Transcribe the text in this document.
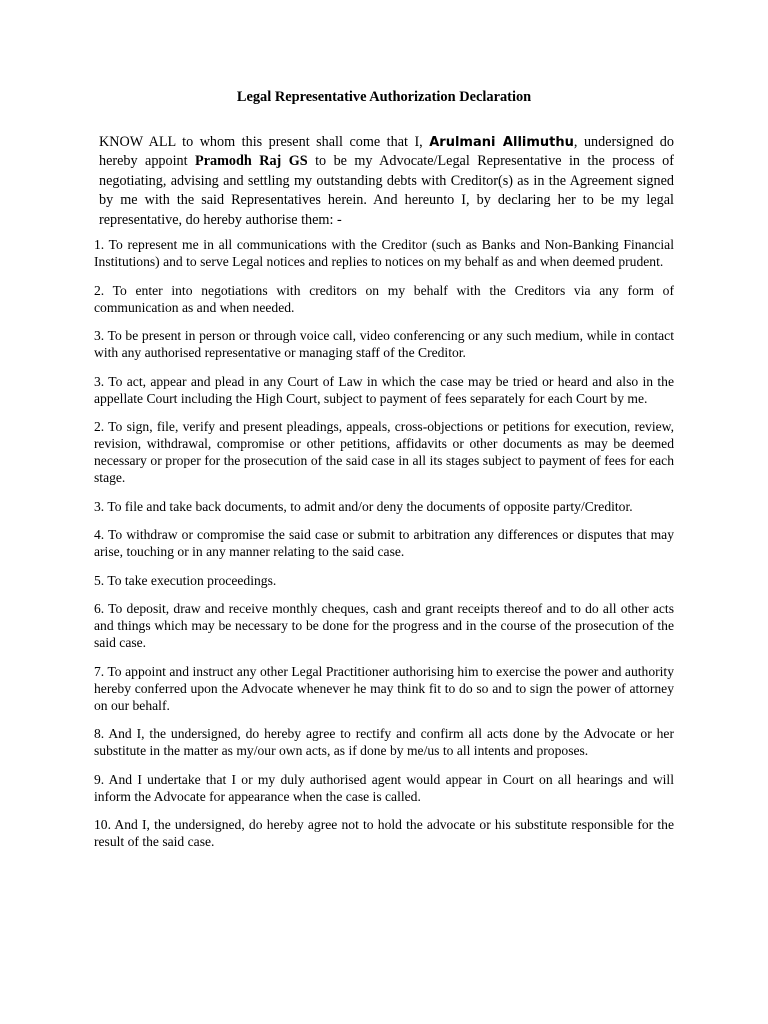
Legal Representative Authorization Declaration
KNOW ALL to whom this present shall come that I, Arulmani Allimuthu, undersigned do hereby appoint Pramodh Raj GS to be my Advocate/Legal Representative in the process of negotiating, advising and settling my outstanding debts with Creditor(s) as in the Agreement signed by me with the said Representatives herein. And hereunto I, by declaring her to be my legal representative, do hereby authorise them: -

1. To represent me in all communications with the Creditor (such as Banks and Non-Banking Financial Institutions) and to serve Legal notices and replies to notices on my behalf as and when deemed prudent.

2. To enter into negotiations with creditors on my behalf with the Creditors via any form of communication as and when needed.

3. To be present in person or through voice call, video conferencing or any such medium, while in contact with any authorised representative or managing staff of the Creditor.

3. To act, appear and plead in any Court of Law in which the case may be tried or heard and also in the appellate Court including the High Court, subject to payment of fees separately for each Court by me.

2. To sign, file, verify and present pleadings, appeals, cross-objections or petitions for execution, review, revision, withdrawal, compromise or other petitions, affidavits or other documents as may be deemed necessary or proper for the prosecution of the said case in all its stages subject to payment of fees for each stage.

3. To file and take back documents, to admit and/or deny the documents of opposite party/Creditor.

4. To withdraw or compromise the said case or submit to arbitration any differences or disputes that may arise, touching or in any manner relating to the said case.

5. To take execution proceedings.

6. To deposit, draw and receive monthly cheques, cash and grant receipts thereof and to do all other acts and things which may be necessary to be done for the progress and in the course of the prosecution of the said case.

7. To appoint and instruct any other Legal Practitioner authorising him to exercise the power and authority hereby conferred upon the Advocate whenever he may think fit to do so and to sign the power of attorney on our behalf.

8. And I, the undersigned, do hereby agree to rectify and confirm all acts done by the Advocate or her substitute in the matter as my/our own acts, as if done by me/us to all intents and proposes.

9. And I undertake that I or my duly authorised agent would appear in Court on all hearings and will inform the Advocate for appearance when the case is called.

10. And I, the undersigned, do hereby agree not to hold the advocate or his substitute responsible for the result of the said case.
